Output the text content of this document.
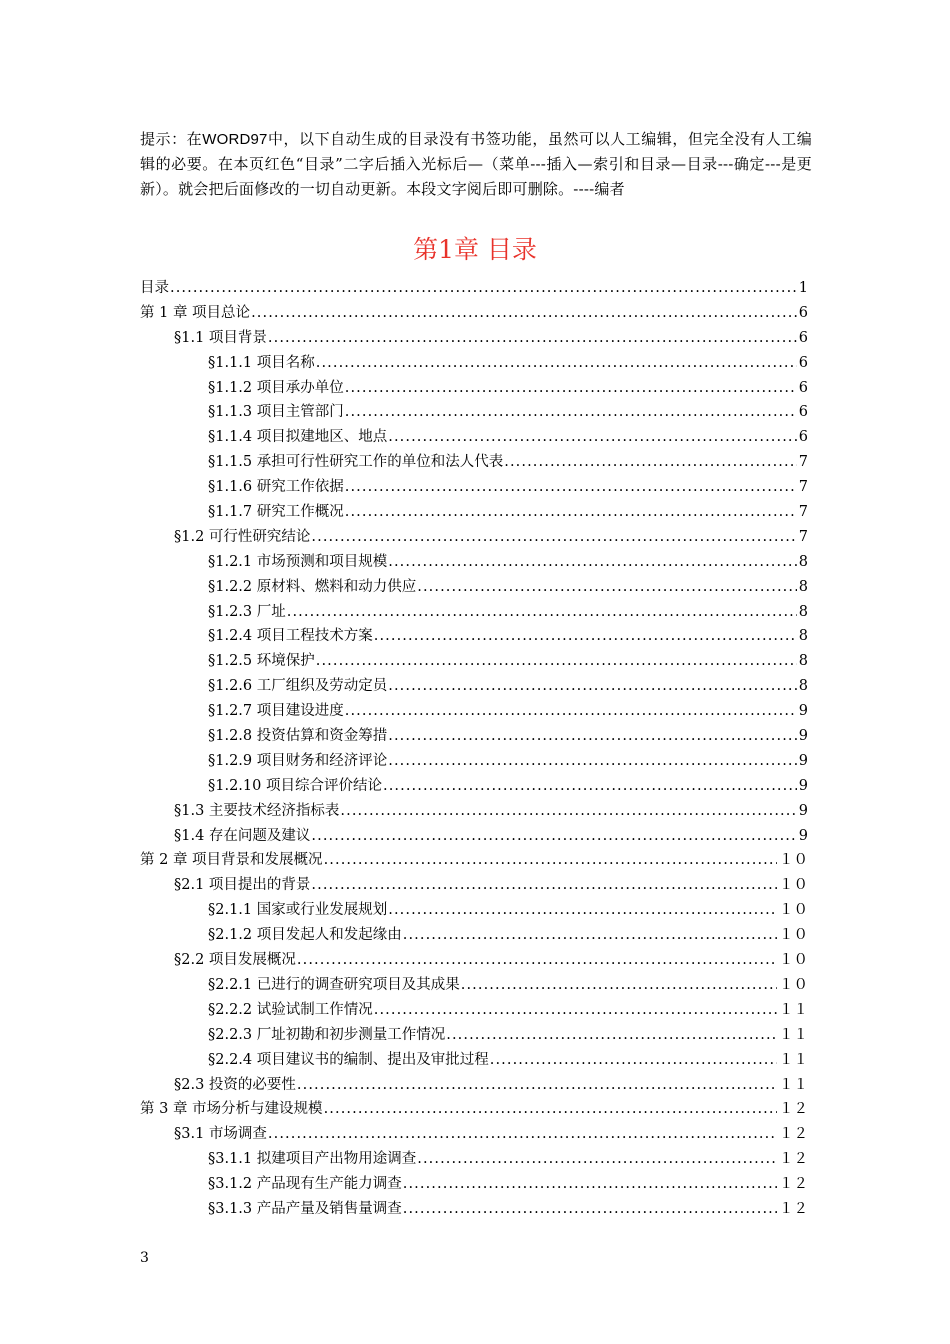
提示：在WORD97中，以下自动生成的目录没有书签功能，虽然可以人工编辑，但完全没有人工编辑的必要。在本页红色“目录”二字后插入光标后—（菜单---插入—索引和目录—目录---确定---是更新）。就会把后面修改的一切自动更新。本段文字阅后即可删除。----编者
第1章 目录
目录 .....	1
第 1 章 项目总论 .....	6
§1.1 项目背景 .....	6
§1.1.1 项目名称 .....	6
§1.1.2 项目承办单位 .....	6
§1.1.3 项目主管部门 .....	6
§1.1.4 项目拟建地区、地点 .....	6
§1.1.5 承担可行性研究工作的单位和法人代表 .....	7
§1.1.6 研究工作依据 .....	7
§1.1.7 研究工作概况 .....	7
§1.2 可行性研究结论 .....	7
§1.2.1 市场预测和项目规模 .....	8
§1.2.2 原材料、燃料和动力供应 .....	8
§1.2.3 厂址 .....	8
§1.2.4 项目工程技术方案 .....	8
§1.2.5 环境保护 .....	8
§1.2.6 工厂组织及劳动定员 .....	8
§1.2.7 项目建设进度 .....	9
§1.2.8 投资估算和资金筹措 .....	9
§1.2.9 项目财务和经济评论 .....	9
§1.2.10 项目综合评价结论 .....	9
§1.3 主要技术经济指标表 .....	9
§1.4 存在问题及建议 .....	9
第 2 章 项目背景和发展概况 .....	１０
§2.1 项目提出的背景 .....	１０
§2.1.1 国家或行业发展规划 .....	１０
§2.1.2 项目发起人和发起缘由 .....	１０
§2.2 项目发展概况 .....	１０
§2.2.1 已进行的调查研究项目及其成果 .....	１０
§2.2.2 试验试制工作情况 .....	１１
§2.2.3 厂址初勘和初步测量工作情况 .....	１１
§2.2.4 项目建议书的编制、提出及审批过程 .....	１１
§2.3 投资的必要性 .....	１１
第 3 章 市场分析与建设规模 .....	１２
§3.1 市场调查 .....	１２
§3.1.1 拟建项目产出物用途调查 .....	１２
§3.1.2 产品现有生产能力调查 .....	１２
§3.1.3 产品产量及销售量调查 .....	１２
3
